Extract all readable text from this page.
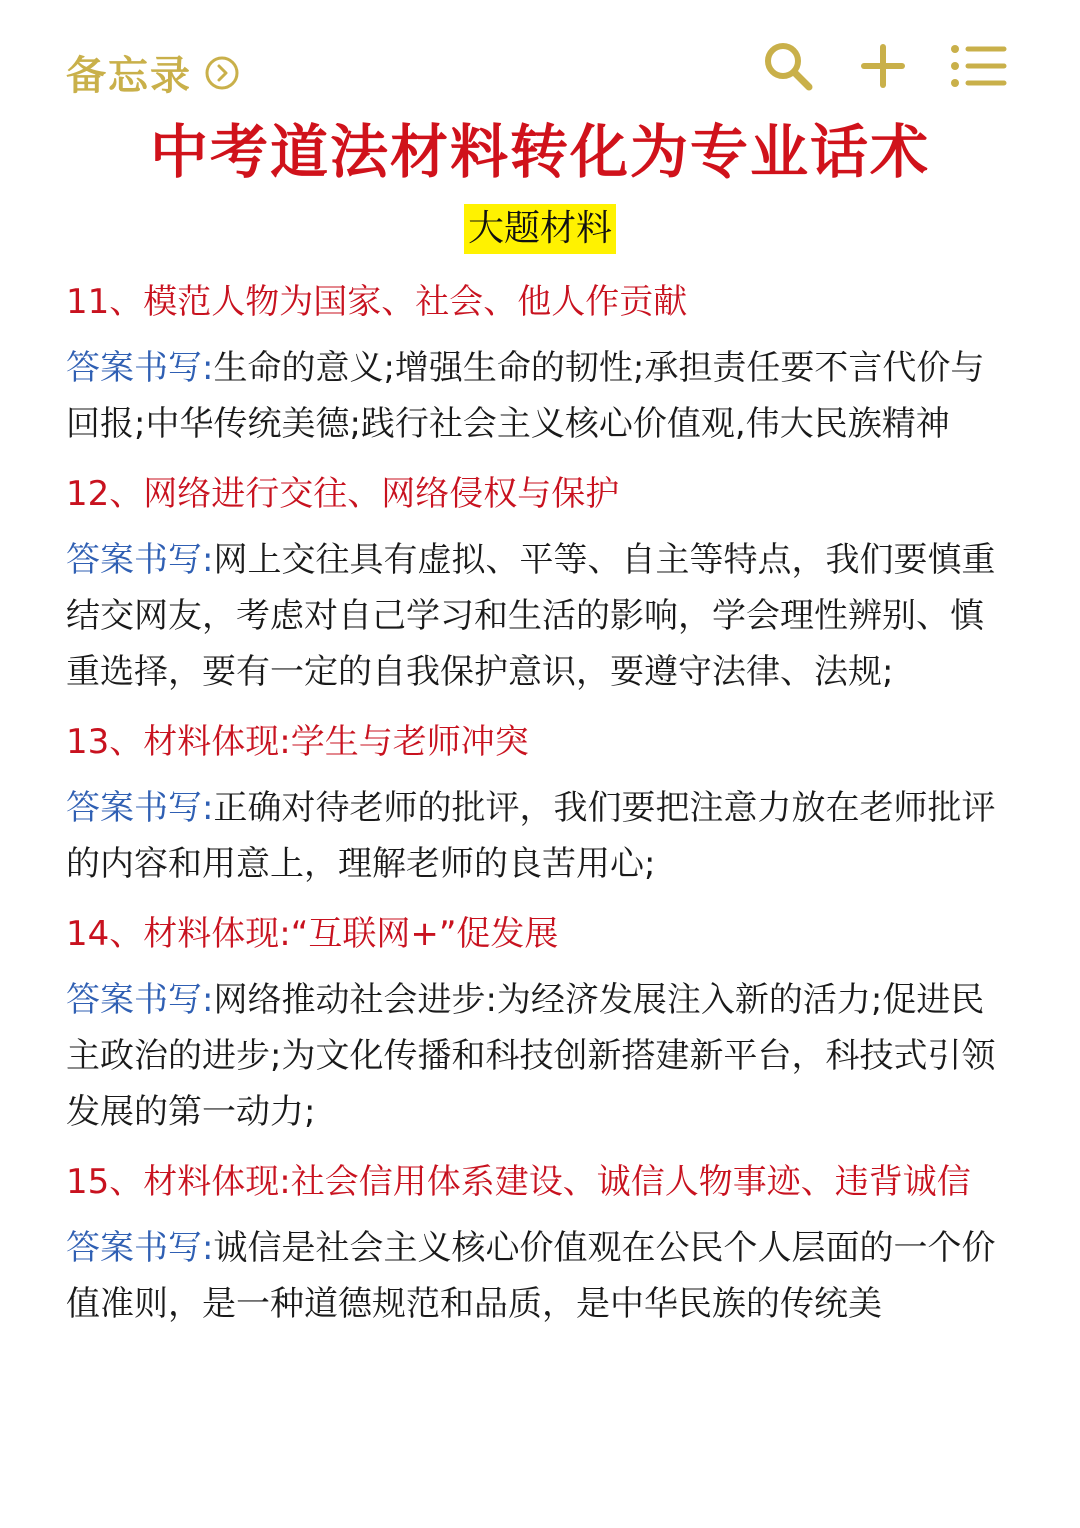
备忘录
中考道法材料转化为专业话术
大题材料

11、模范人物为国家、社会、他人作贡献

答案书写:生命的意义;增强生命的韧性;承担责任要不言代价与回报;中华传统美德;践行社会主义核心价值观,伟大民族精神

12、网络进行交往、网络侵权与保护

答案书写:网上交往具有虚拟、平等、自主等特点，我们要慎重结交网友，考虑对自己学习和生活的影响，学会理性辨别、慎重选择，要有一定的自我保护意识，要遵守法律、法规;

13、材料体现:学生与老师冲突

答案书写:正确对待老师的批评，我们要把注意力放在老师批评的内容和用意上，理解老师的良苦用心;

14、材料体现:“互联网+”促发展

答案书写:网络推动社会进步:为经济发展注入新的活力;促进民主政治的进步;为文化传播和科技创新搭建新平台，科技式引领发展的第一动力;

15、材料体现:社会信用体系建设、诚信人物事迹、违背诚信

答案书写:诚信是社会主义核心价值观在公民个人层面的一个价值准则，是一种道德规范和品质，是中华民族的传统美
